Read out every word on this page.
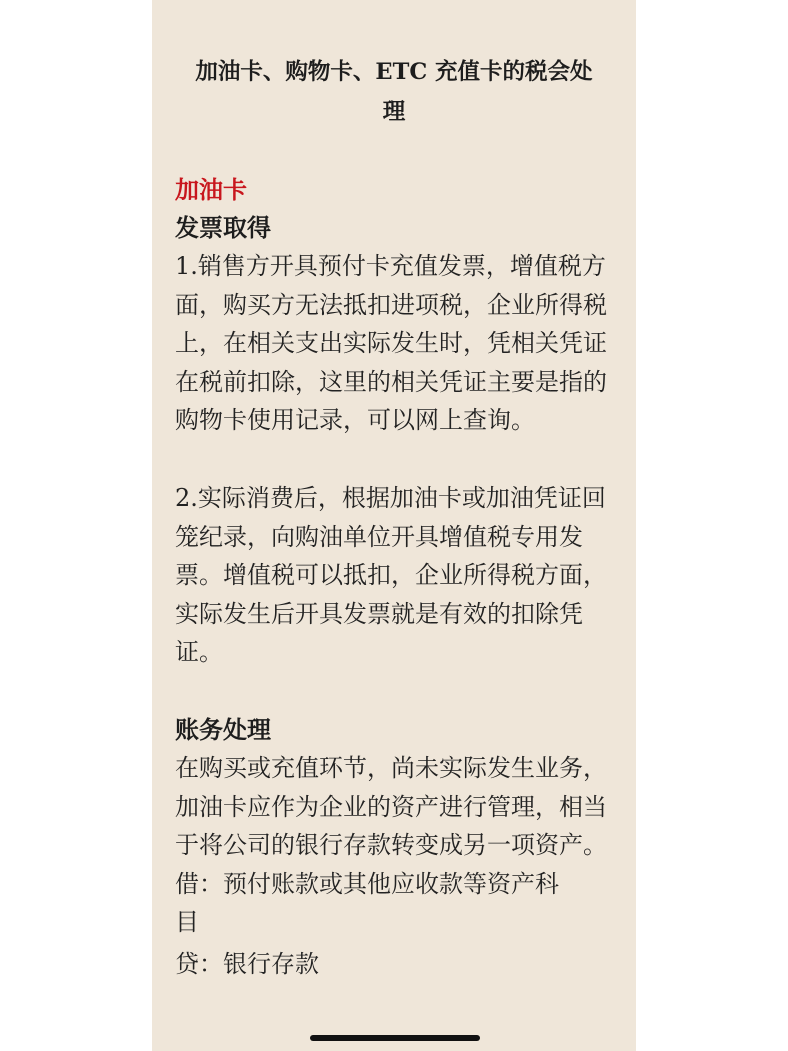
加油卡、购物卡、ETC 充值卡的税会处
理
加油卡
发票取得
1.销售方开具预付卡充值发票，增值税方
面，购买方无法抵扣进项税，企业所得税
上，在相关支出实际发生时，凭相关凭证
在税前扣除，这里的相关凭证主要是指的
购物卡使用记录，可以网上查询。
2.实际消费后，根据加油卡或加油凭证回
笼纪录，向购油单位开具增值税专用发
票。增值税可以抵扣，企业所得税方面，
实际发生后开具发票就是有效的扣除凭
证。
账务处理
在购买或充值环节，尚未实际发生业务，
加油卡应作为企业的资产进行管理，相当
于将公司的银行存款转变成另一项资产。
借：预付账款或其他应收款等资产科
目
贷：银行存款
